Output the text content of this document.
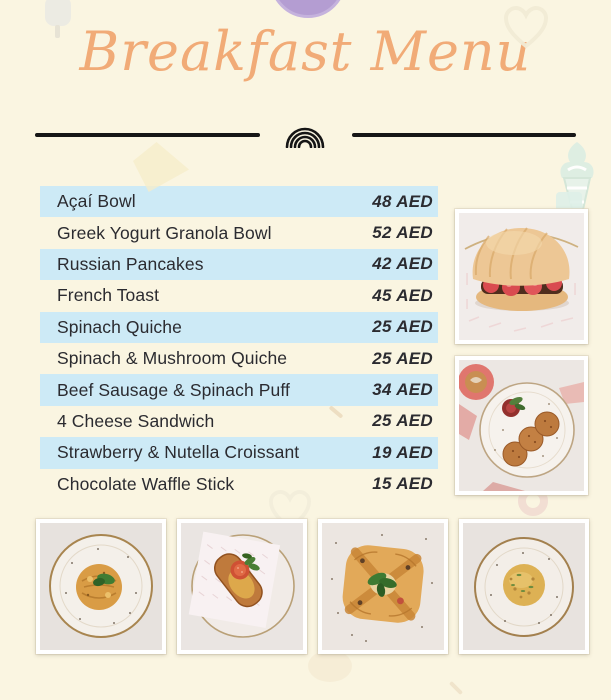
Breakfast Menu
Açaí Bowl	48 AED
Greek Yogurt Granola Bowl	52 AED
Russian Pancakes	42 AED
French Toast	45 AED
Spinach Quiche	25 AED
Spinach & Mushroom Quiche	25 AED
Beef Sausage & Spinach Puff	34 AED
4 Cheese Sandwich	25 AED
Strawberry & Nutella Croissant	19 AED
Chocolate Waffle Stick	15 AED
